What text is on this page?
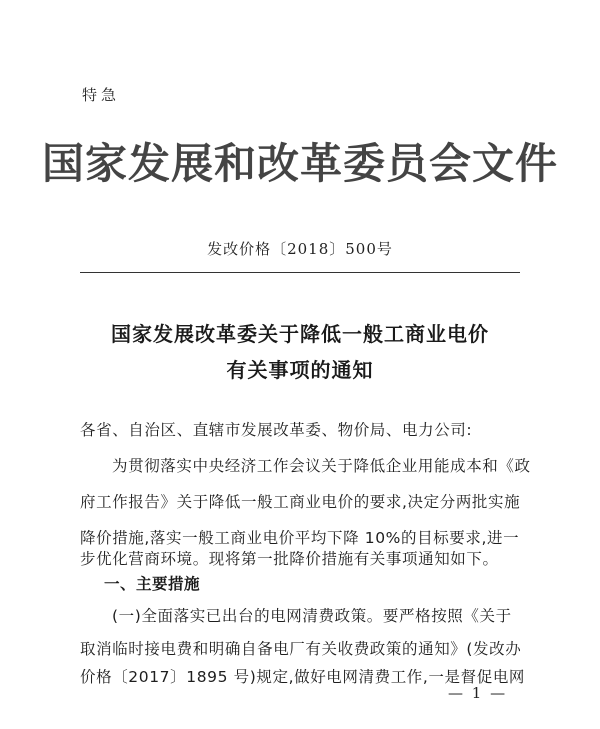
特急
国家发展和改革委员会文件
发改价格〔2018〕500号
国家发展改革委关于降低一般工商业电价
有关事项的通知
各省、自治区、直辖市发展改革委、物价局、电力公司:
为贯彻落实中央经济工作会议关于降低企业用能成本和《政
府工作报告》关于降低一般工商业电价的要求,决定分两批实施
降价措施,落实一般工商业电价平均下降 10%的目标要求,进一
步优化营商环境。现将第一批降价措施有关事项通知如下。
一、主要措施
(一)全面落实已出台的电网清费政策。要严格按照《关于
取消临时接电费和明确自备电厂有关收费政策的通知》(发改办
价格〔2017〕1895 号)规定,做好电网清费工作,一是督促电网
— 1 —
